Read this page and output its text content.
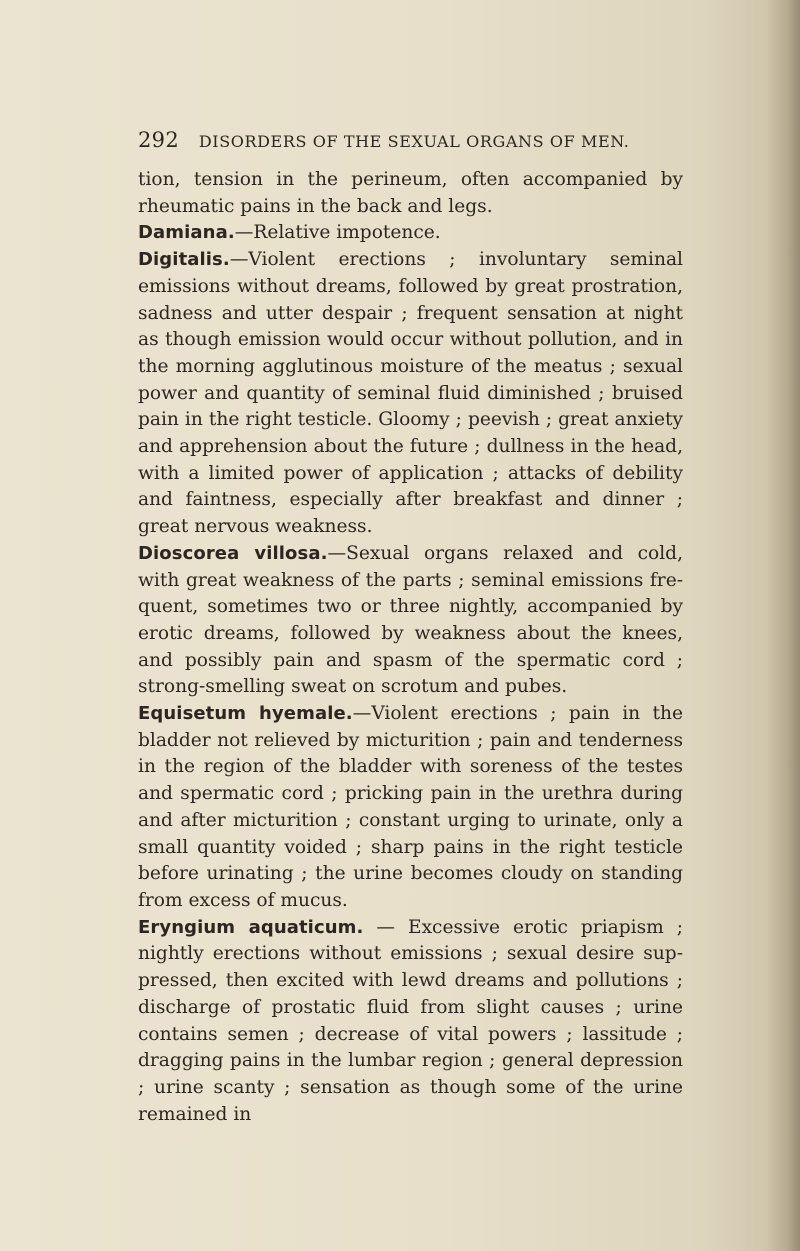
292 DISORDERS OF THE SEXUAL ORGANS OF MEN.

tion, tension in the perineum, often accompanied by rheumatic pains in the back and legs.

Damiana.—Relative impotence.

Digitalis.—Violent erections ; involuntary seminal emissions without dreams, followed by great prostration, sadness and utter despair ; frequent sensation at night as though emission would occur without pollution, and in the morning agglutinous moisture of the meatus ; sexual power and quantity of seminal fluid diminished ; bruised pain in the right testicle. Gloomy ; peevish ; great anxiety and apprehension about the future ; dullness in the head, with a limited power of application ; attacks of debility and faintness, especially after breakfast and dinner ; great nervous weakness.

Dioscorea villosa.—Sexual organs relaxed and cold, with great weakness of the parts ; seminal emissions frequent, sometimes two or three nightly, accompanied by erotic dreams, followed by weakness about the knees, and possibly pain and spasm of the spermatic cord ; strong-smelling sweat on scrotum and pubes.

Equisetum hyemale.—Violent erections ; pain in the bladder not relieved by micturition ; pain and tenderness in the region of the bladder with soreness of the testes and spermatic cord ; pricking pain in the urethra during and after micturition ; constant urging to urinate, only a small quantity voided ; sharp pains in the right testicle before urinating ; the urine becomes cloudy on standing from excess of mucus.

Eryngium aquaticum. — Excessive erotic priapism ; nightly erections without emissions ; sexual desire suppressed, then excited with lewd dreams and pollutions ; discharge of prostatic fluid from slight causes ; urine contains semen ; decrease of vital powers ; lassitude ; dragging pains in the lumbar region ; general depression ; urine scanty ; sensation as though some of the urine remained in
